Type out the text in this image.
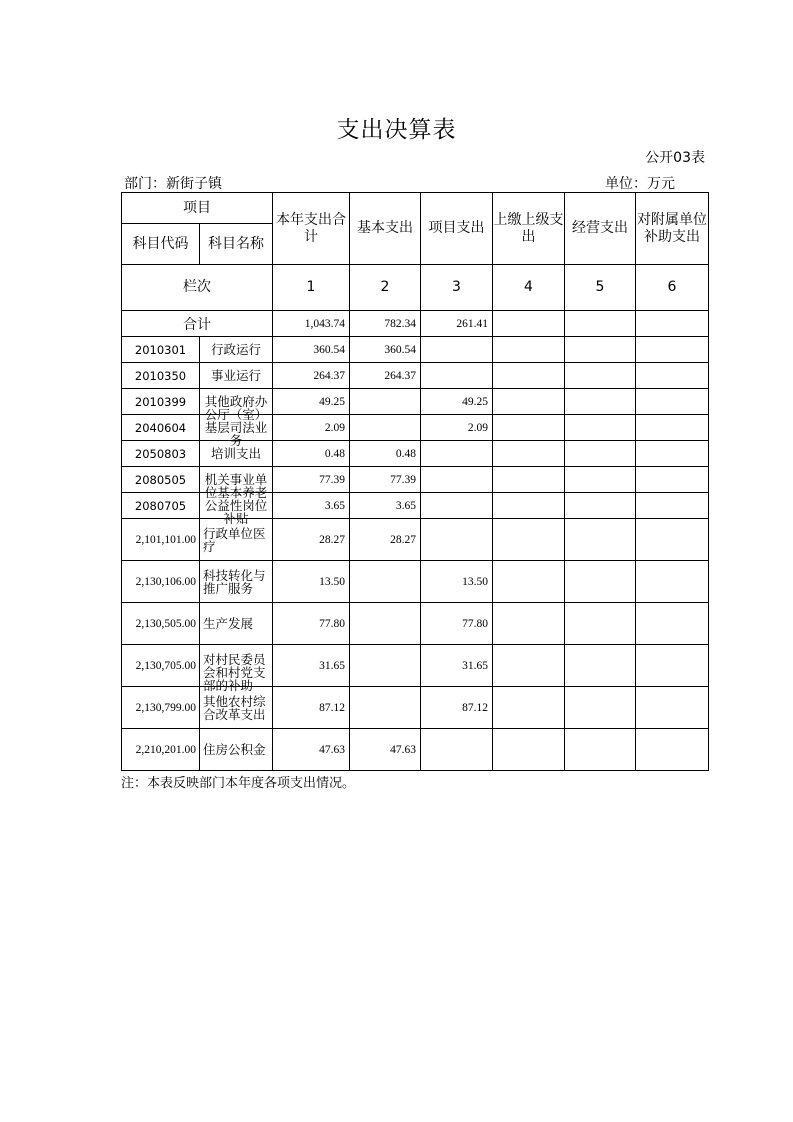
支出决算表
公开03表
部门：新街子镇	单位：万元
项目		本年支出合计	基本支出	项目支出	上缴上级支出	经营支出	对附属单位补助支出
科目代码	科目名称						
栏次		1	2	3	4	5	6
合计		1,043.74	782.34	261.41			
2010301	行政运行	360.54	360.54				
2010350	事业运行	264.37	264.37				
2010399	其他政府办公厅（室）	49.25		49.25			
2040604	基层司法业务	2.09		2.09			
2050803	培训支出	0.48	0.48				
2080505	机关事业单位基本养老	77.39	77.39				
2080705	公益性岗位补贴	3.65	3.65				
2,101,101.00	行政单位医疗	28.27	28.27				
2,130,106.00	科技转化与推广服务	13.50		13.50			
2,130,505.00	生产发展	77.80		77.80			
2,130,705.00	对村民委员会和村党支部的补助	31.65		31.65			
2,130,799.00	其他农村综合改革支出	87.12		87.12			
2,210,201.00	住房公积金	47.63	47.63				
注：本表反映部门本年度各项支出情况。
